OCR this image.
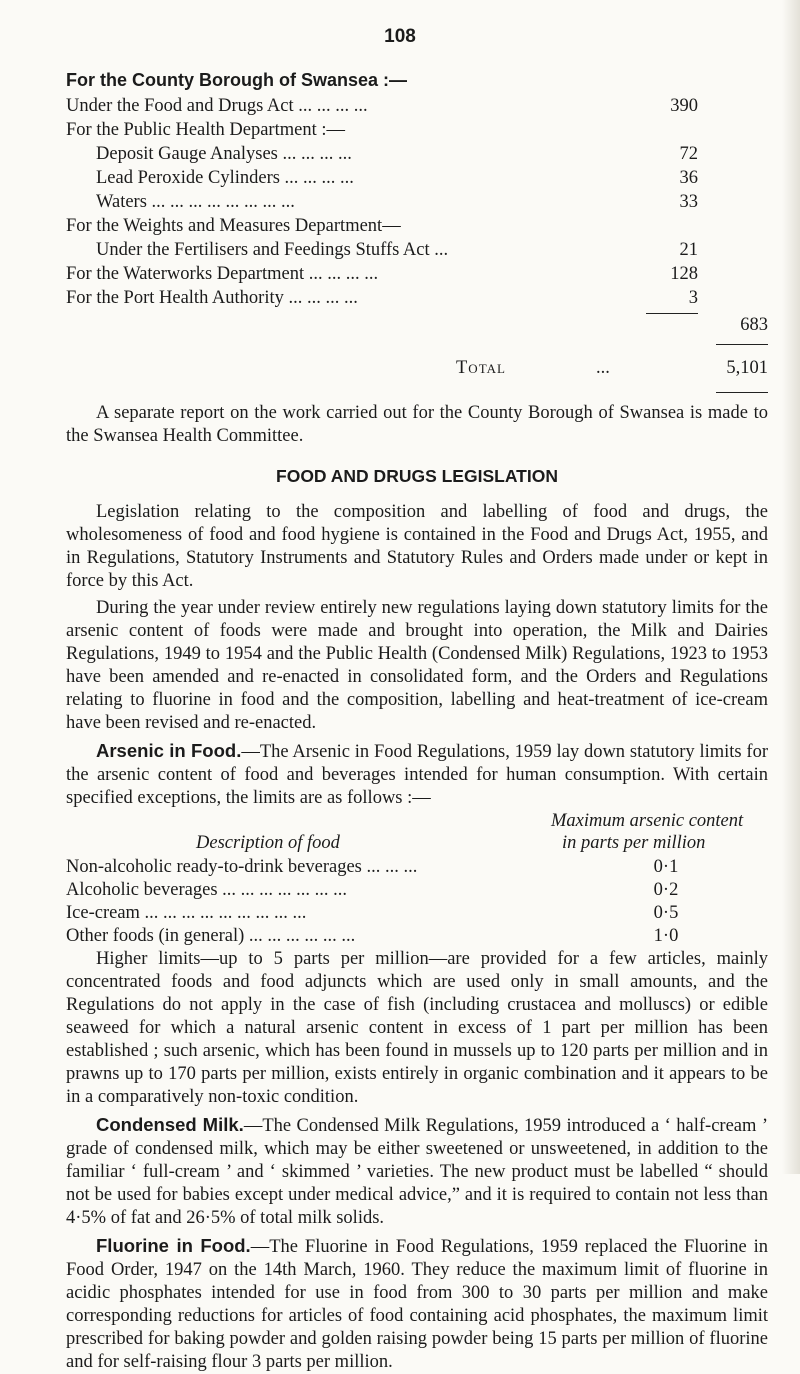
108
For the County Borough of Swansea :—
Under the Food and Drugs Act ... ... ... ...	390
For the Public Health Department :—
Deposit Gauge Analyses ... ... ... ...	72
Lead Peroxide Cylinders ... ... ... ...	36
Waters ... ... ... ... ... ... ... ...	33
For the Weights and Measures Department—
Under the Fertilisers and Feedings Stuffs Act ...	21
For the Waterworks Department ... ... ... ...	128
For the Port Health Authority ... ... ... ...	3
683
Total	...	5,101

A separate report on the work carried out for the County Borough of Swansea is made to the Swansea Health Committee.

FOOD AND DRUGS LEGISLATION

Legislation relating to the composition and labelling of food and drugs, the wholesomeness of food and food hygiene is contained in the Food and Drugs Act, 1955, and in Regulations, Statutory Instruments and Statutory Rules and Orders made under or kept in force by this Act.

During the year under review entirely new regulations laying down statutory limits for the arsenic content of foods were made and brought into operation, the Milk and Dairies Regulations, 1949 to 1954 and the Public Health (Condensed Milk) Regulations, 1923 to 1953 have been amended and re-enacted in consolidated form, and the Orders and Regulations relating to fluorine in food and the composition, labelling and heat-treatment of ice-cream have been revised and re-enacted.

Arsenic in Food.—The Arsenic in Food Regulations, 1959 lay down statutory limits for the arsenic content of food and beverages intended for human consumption. With certain specified exceptions, the limits are as follows :—

Maximum arsenic content
Description of food	in parts per million
Non-alcoholic ready-to-drink beverages ... ... ...	0·1
Alcoholic beverages ... ... ... ... ... ... ...	0·2
Ice-cream ... ... ... ... ... ... ... ... ...	0·5
Other foods (in general) ... ... ... ... ... ...	1·0

Higher limits—up to 5 parts per million—are provided for a few articles, mainly concentrated foods and food adjuncts which are used only in small amounts, and the Regulations do not apply in the case of fish (including crustacea and molluscs) or edible seaweed for which a natural arsenic content in excess of 1 part per million has been established ; such arsenic, which has been found in mussels up to 120 parts per million and in prawns up to 170 parts per million, exists entirely in organic combination and it appears to be in a comparatively non-toxic condition.

Condensed Milk.—The Condensed Milk Regulations, 1959 introduced a ‘ half-cream ’ grade of condensed milk, which may be either sweetened or unsweetened, in addition to the familiar ‘ full-cream ’ and ‘ skimmed ’ varieties. The new product must be labelled “ should not be used for babies except under medical advice,” and it is required to contain not less than 4·5% of fat and 26·5% of total milk solids.

Fluorine in Food.—The Fluorine in Food Regulations, 1959 replaced the Fluorine in Food Order, 1947 on the 14th March, 1960. They reduce the maximum limit of fluorine in acidic phosphates intended for use in food from 300 to 30 parts per million and make corresponding reductions for articles of food containing acid phosphates, the maximum limit prescribed for baking powder and golden raising powder being 15 parts per million of fluorine and for self-raising flour 3 parts per million.
